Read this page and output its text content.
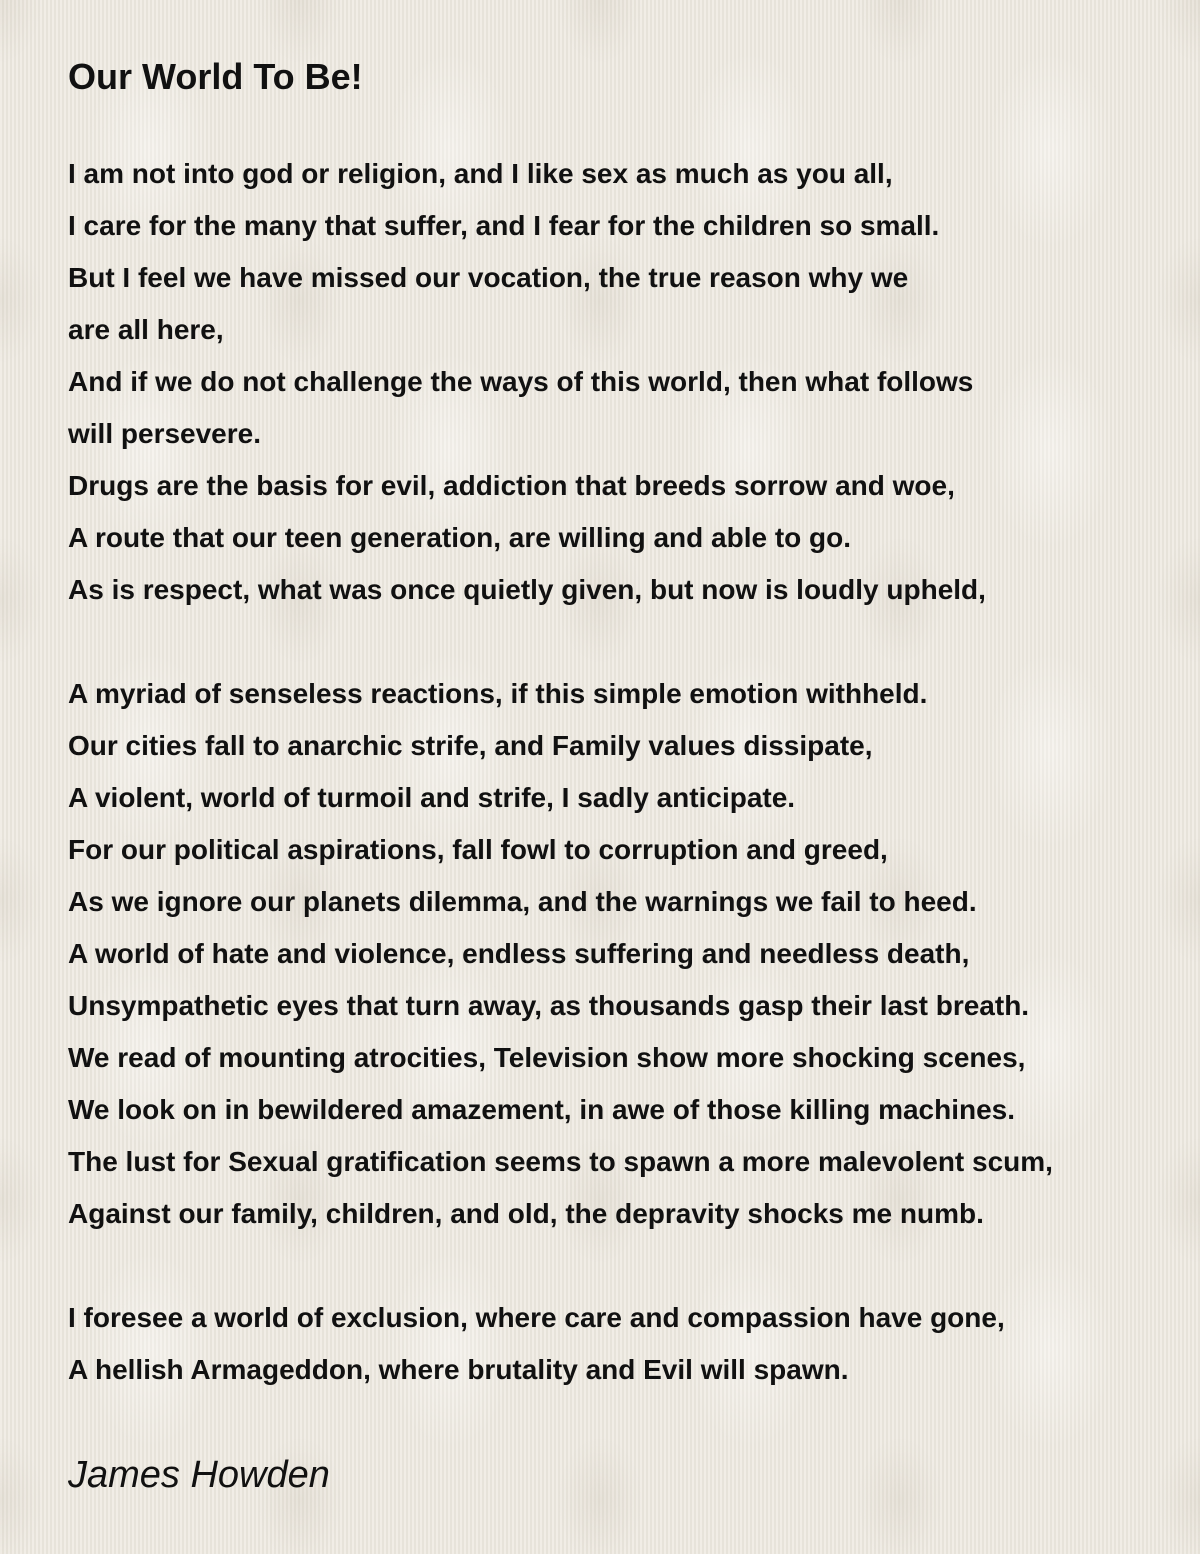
Our World To Be!
I am not into god or religion, and I like sex as much as you all,
I care for the many that suffer, and I fear for the children so small.
But I feel we have missed our vocation, the true reason why we
are all here,
And if we do not challenge the ways of this world, then what follows
will persevere.
Drugs are the basis for evil, addiction that breeds sorrow and woe,
A route that our teen generation, are willing and able to go.
As is respect, what was once quietly given, but now is loudly upheld,
A myriad of senseless reactions, if this simple emotion withheld.
Our cities fall to anarchic strife, and Family values dissipate,
A violent, world of turmoil and strife, I sadly anticipate.
For our political aspirations, fall fowl to corruption and greed,
As we ignore our planets dilemma, and the warnings we fail to heed.
A world of hate and violence, endless suffering and needless death,
Unsympathetic eyes that turn away, as thousands gasp their last breath.
We read of mounting atrocities, Television show more shocking scenes,
We look on in bewildered amazement, in awe of those killing machines.
The lust for Sexual gratification seems to spawn a more malevolent scum,
Against our family, children, and old, the depravity shocks me numb.
I foresee a world of exclusion, where care and compassion have gone,
A hellish Armageddon, where brutality and Evil will spawn.
James Howden
